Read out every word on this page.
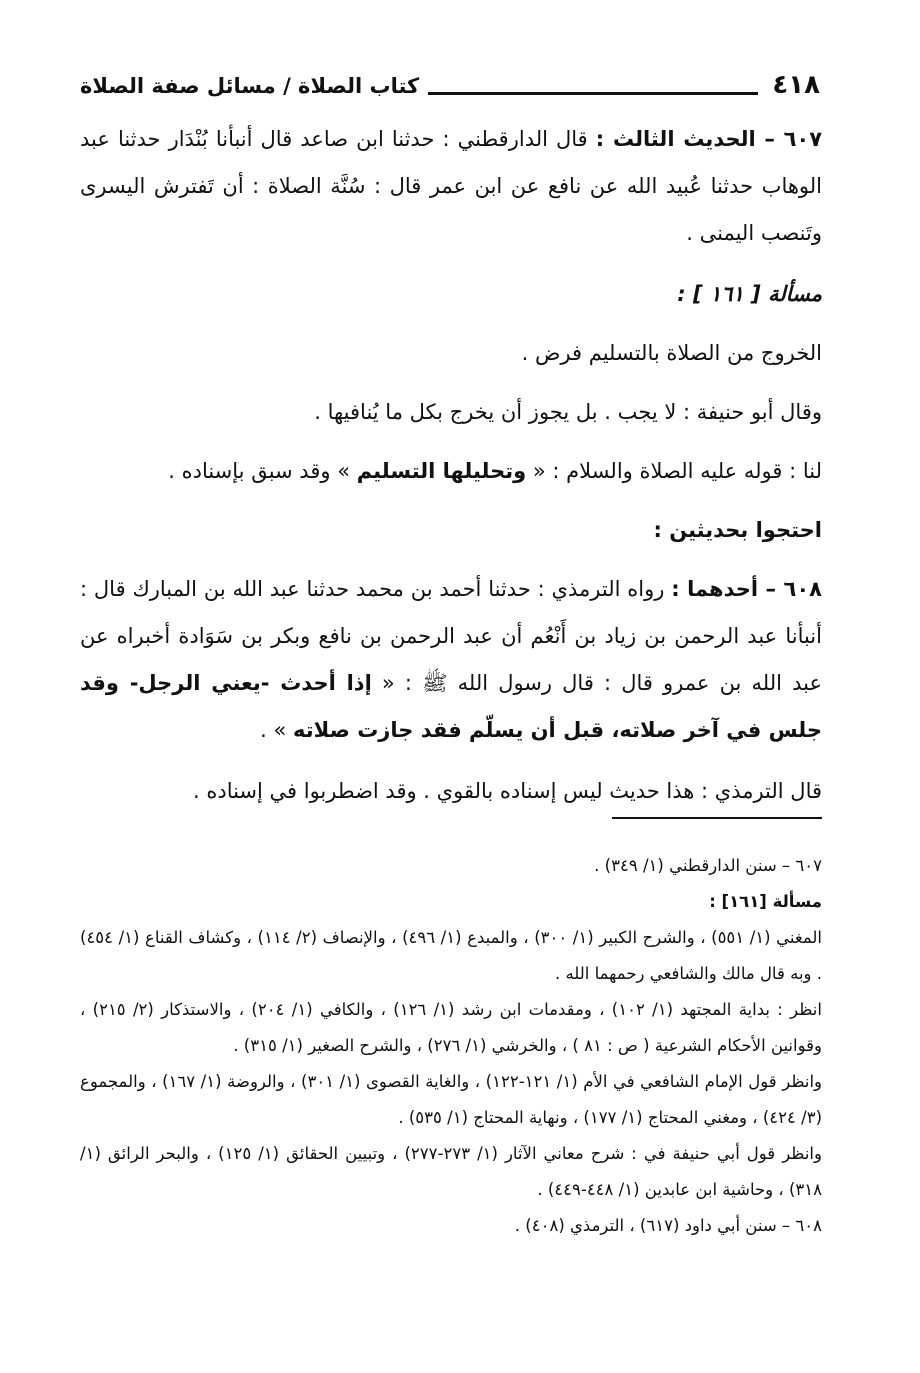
٤١٨
كتاب الصلاة / مسائل صفة الصلاة

٦٠٧ – الحديث الثالث : قال الدارقطني : حدثنا ابن صاعد قال أنبأنا بُنْدَار حدثنا عبد الوهاب حدثنا عُبيد الله عن نافع عن ابن عمر قال : سُنَّة الصلاة : أن تَفترش اليسرى وتَنصب اليمنى .

مسألة [ ١٦١ ] :

الخروج من الصلاة بالتسليم فرض .

وقال أبو حنيفة : لا يجب . بل يجوز أن يخرج بكل ما يُنافيها .

لنا : قوله عليه الصلاة والسلام : « وتحليلها التسليم » وقد سبق بإسناده .

احتجوا بحديثين :

٦٠٨ – أحدهما : رواه الترمذي : حدثنا أحمد بن محمد حدثنا عبد الله بن المبارك قال : أنبأنا عبد الرحمن بن زياد بن أَنْعُم أن عبد الرحمن بن نافع وبكر بن سَوَادة أخبراه عن عبد الله بن عمرو قال : قال رسول الله ﷺ : « إذا أحدث -يعني الرجل- وقد جلس في آخر صلاته، قبل أن يسلّم فقد جازت صلاته » .

قال الترمذي : هذا حديث ليس إسناده بالقوي . وقد اضطربوا في إسناده .

٦٠٧ – سنن الدارقطني (١/ ٣٤٩) .

مسألة [١٦١] :

المغني (١/ ٥٥١) ، والشرح الكبير (١/ ٣٠٠) ، والمبدع (١/ ٤٩٦) ، والإنصاف (٢/ ١١٤) ، وكشاف القناع (١/ ٤٥٤) . وبه قال مالك والشافعي رحمهما الله .

انظر : بداية المجتهد (١/ ١٠٢) ، ومقدمات ابن رشد (١/ ١٢٦) ، والكافي (١/ ٢٠٤) ، والاستذكار (٢/ ٢١٥) ، وقوانين الأحكام الشرعية ( ص : ٨١ ) ، والخرشي (١/ ٢٧٦) ، والشرح الصغير (١/ ٣١٥) .

وانظر قول الإمام الشافعي في الأم (١/ ١٢١-١٢٢) ، والغاية القصوى (١/ ٣٠١) ، والروضة (١/ ١٦٧) ، والمجموع (٣/ ٤٢٤) ، ومغني المحتاج (١/ ١٧٧) ، ونهاية المحتاج (١/ ٥٣٥) .

وانظر قول أبي حنيفة في : شرح معاني الآثار (١/ ٢٧٣-٢٧٧) ، وتبيين الحقائق (١/ ١٢٥) ، والبحر الرائق (١/ ٣١٨) ، وحاشية ابن عابدين (١/ ٤٤٨-٤٤٩) .

٦٠٨ – سنن أبي داود (٦١٧) ، الترمذي (٤٠٨) .
